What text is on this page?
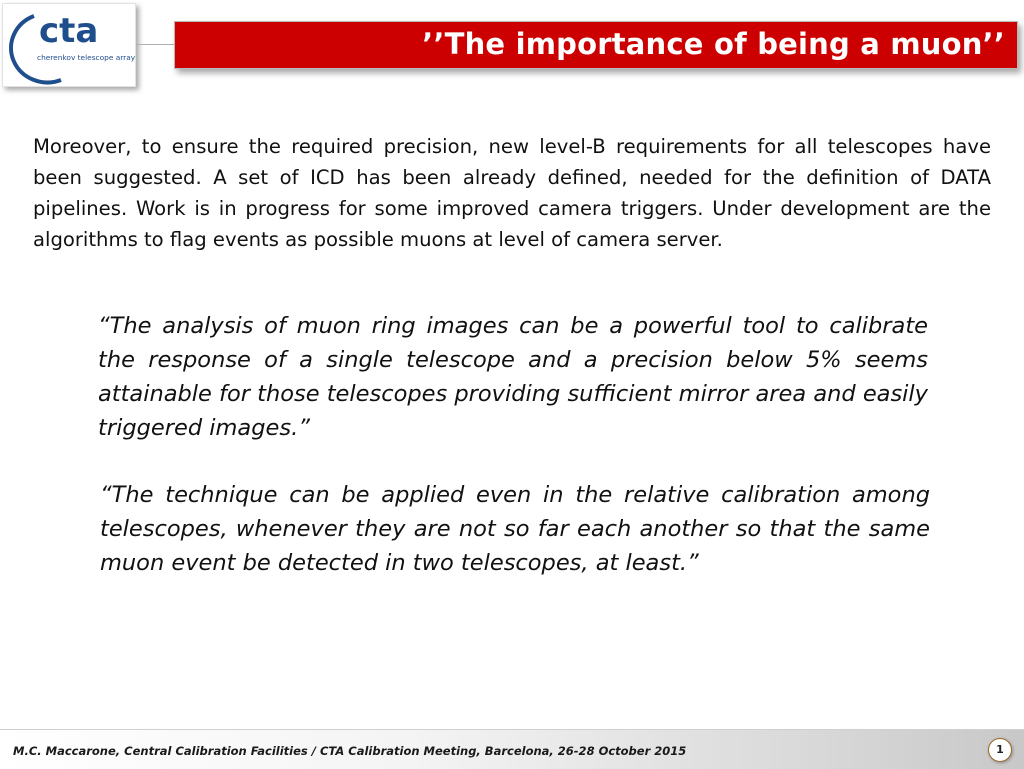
cta
cherenkov telescope array	’’The importance of being a muon’’

Moreover, to ensure the required precision, new level-B requirements for all telescopes have been suggested. A set of ICD has been already defined, needed for the definition of DATA pipelines. Work is in progress for some improved camera triggers. Under development are the algorithms to flag events as possible muons at level of camera server.

“The analysis of muon ring images can be a powerful tool to calibrate the response of a single telescope and a precision below 5% seems attainable for those telescopes providing sufficient mirror area and easily triggered images.”

“The technique can be applied even in the relative calibration among telescopes, whenever they are not so far each another so that the same muon event be detected in two telescopes, at least.”

M.C. Maccarone, Central Calibration Facilities / CTA Calibration Meeting, Barcelona, 26-28 October 2015	1
